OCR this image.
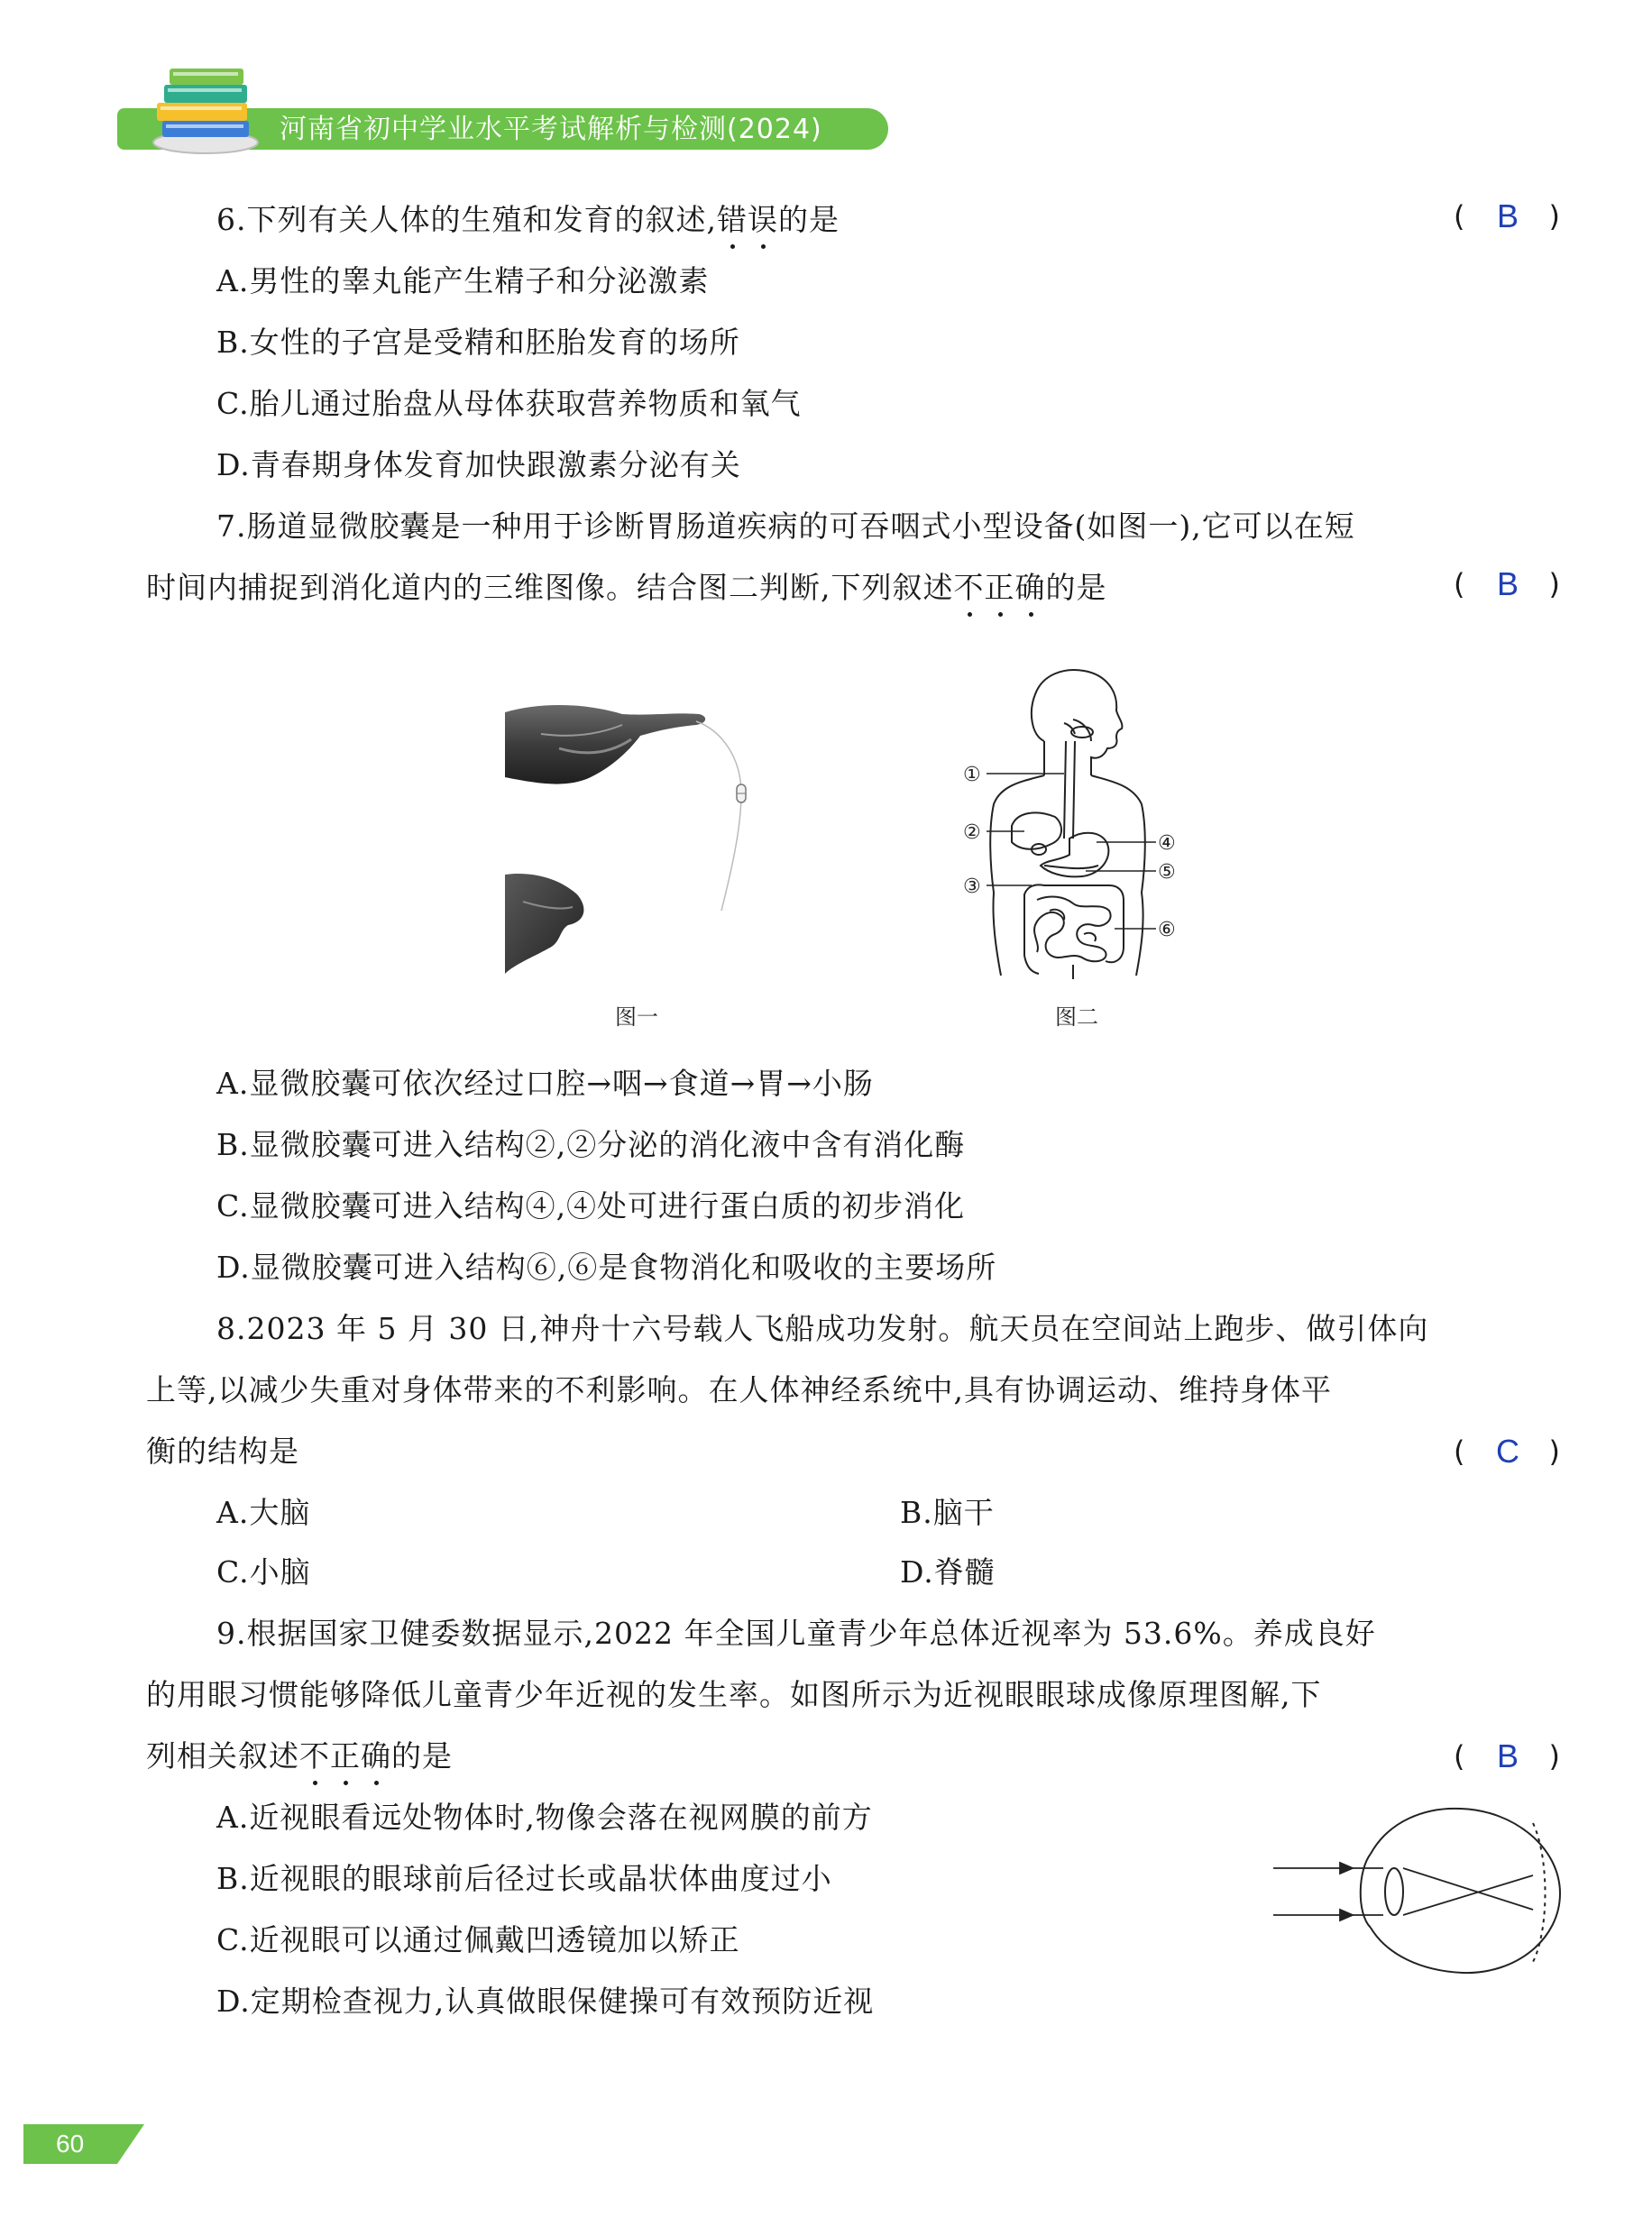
河南省初中学业水平考试解析与检测(2024)
6.下列有关人体的生殖和发育的叙述,错误的是	( B )
A.男性的睾丸能产生精子和分泌激素
B.女性的子宫是受精和胚胎发育的场所
C.胎儿通过胎盘从母体获取营养物质和氧气
D.青春期身体发育加快跟激素分泌有关
7.肠道显微胶囊是一种用于诊断胃肠道疾病的可吞咽式小型设备(如图一),它可以在短
时间内捕捉到消化道内的三维图像。结合图二判断,下列叙述不正确的是	( B )
图一
①
②
③
④
⑤
⑥
图二
A.显微胶囊可依次经过口腔→咽→食道→胃→小肠
B.显微胶囊可进入结构②,②分泌的消化液中含有消化酶
C.显微胶囊可进入结构④,④处可进行蛋白质的初步消化
D.显微胶囊可进入结构⑥,⑥是食物消化和吸收的主要场所
8.2023 年 5 月 30 日,神舟十六号载人飞船成功发射。航天员在空间站上跑步、做引体向
上等,以减少失重对身体带来的不利影响。在人体神经系统中,具有协调运动、维持身体平
衡的结构是	( C )
A.大脑	B.脑干
C.小脑	D.脊髓
9.根据国家卫健委数据显示,2022 年全国儿童青少年总体近视率为 53.6%。养成良好
的用眼习惯能够降低儿童青少年近视的发生率。如图所示为近视眼眼球成像原理图解,下
列相关叙述不正确的是	( B )
A.近视眼看远处物体时,物像会落在视网膜的前方
B.近视眼的眼球前后径过长或晶状体曲度过小
C.近视眼可以通过佩戴凹透镜加以矫正
D.定期检查视力,认真做眼保健操可有效预防近视
60
